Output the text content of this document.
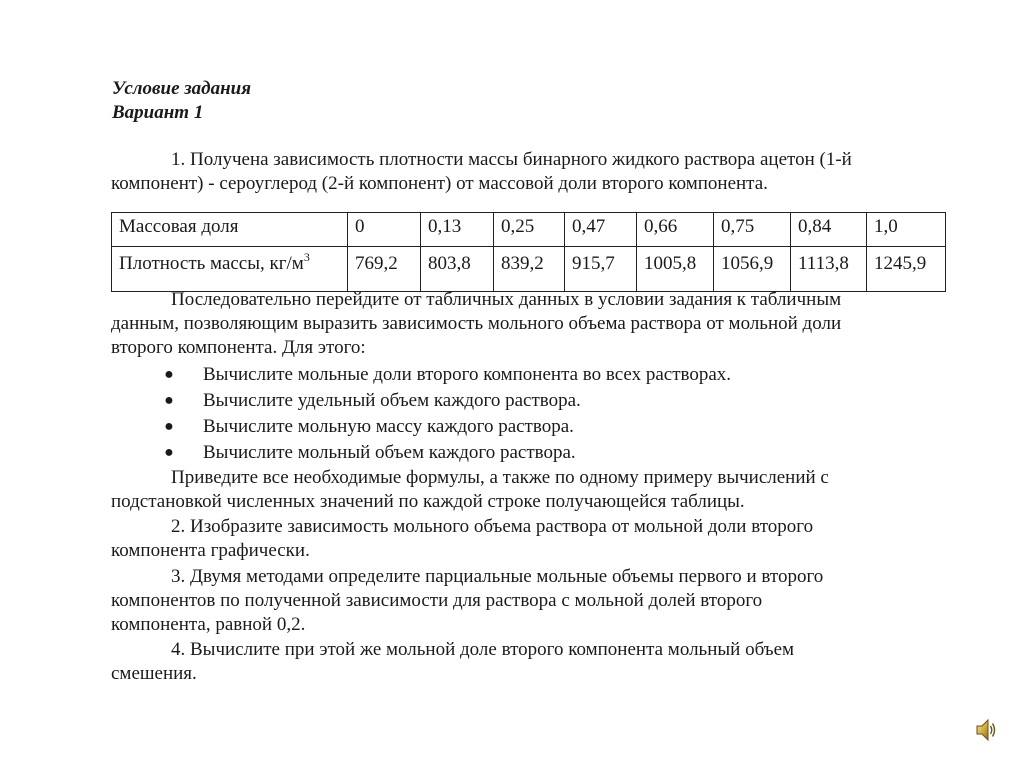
Условие задания
Вариант 1
1. Получена зависимость плотности массы бинарного жидкого раствора ацетон (1-й
компонент) - сероуглерод (2-й компонент) от массовой доли второго компонента.
Массовая доля	0	0,13	0,25	0,47	0,66	0,75	0,84	1,0
Плотность массы, $кг/м^3$	769,2	803,8	839,2	915,7	1005,8	1056,9	1113,8	1245,9
Последовательно перейдите от табличных данных в условии задания к табличным
данным, позволяющим выразить зависимость мольного объема раствора от мольной доли
второго компонента. Для этого:
● Вычислите мольные доли второго компонента во всех растворах.
● Вычислите удельный объем каждого раствора.
● Вычислите мольную массу каждого раствора.
● Вычислите мольный объем каждого раствора.
Приведите все необходимые формулы, а также по одному примеру вычислений с
подстановкой численных значений по каждой строке получающейся таблицы.
2. Изобразите зависимость мольного объема раствора от мольной доли второго
компонента графически.
3. Двумя методами определите парциальные мольные объемы первого и второго
компонентов по полученной зависимости для раствора с мольной долей второго
компонента, равной 0,2.
4. Вычислите при этой же мольной доле второго компонента мольный объем
смешения.
